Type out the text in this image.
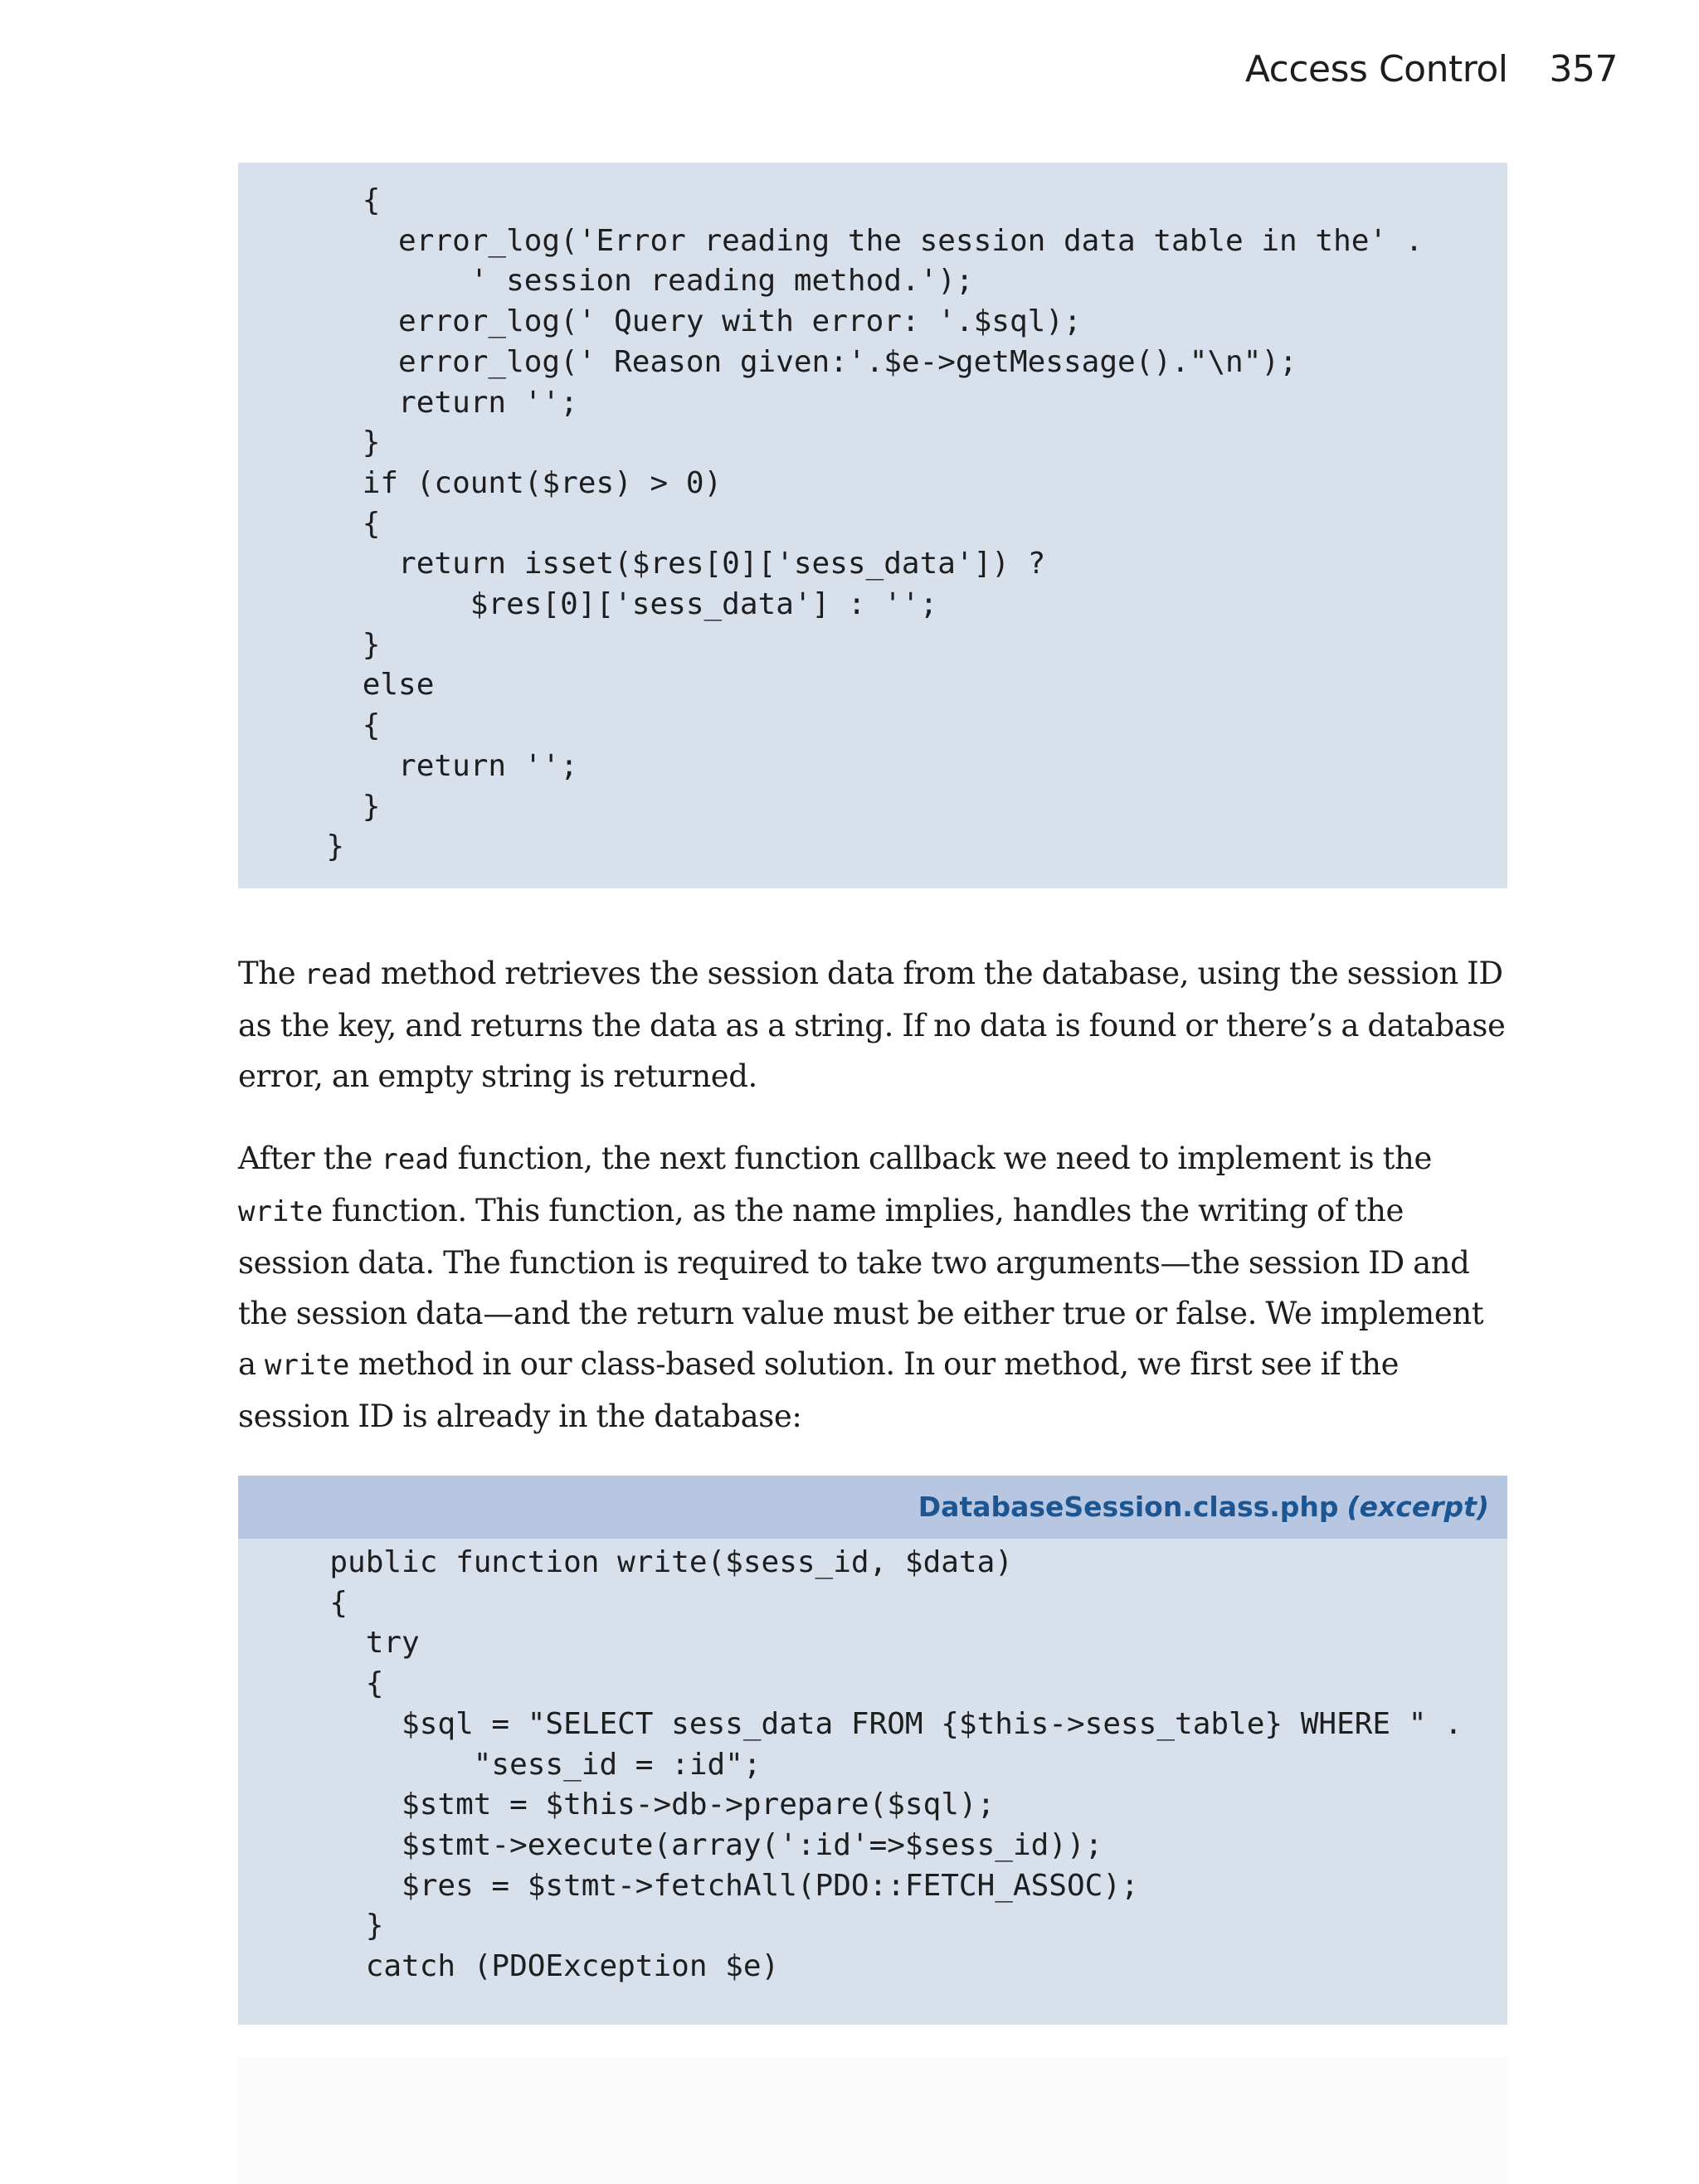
Access Control 357
{
error_log('Error reading the session data table in the' .
' session reading method.');
error_log(' Query with error: '.$sql);
error_log(' Reason given:'.$e->getMessage()."\n");
return '';
}
if (count($res) > 0)
{
return isset($res[0]['sess_data']) ?
$res[0]['sess_data'] : '';
}
else
{
return '';
}
}

The read method retrieves the session data from the database, using the session ID as the key, and returns the data as a string. If no data is found or there’s a database error, an empty string is returned.

After the read function, the next function callback we need to implement is the write function. This function, as the name implies, handles the writing of the session data. The function is required to take two arguments—the session ID and the session data—and the return value must be either true or false. We implement a write method in our class-based solution. In our method, we first see if the session ID is already in the database:

DatabaseSession.class.php (excerpt)
public function write($sess_id, $data)
{
try
{
$sql = "SELECT sess_data FROM {$this->sess_table} WHERE " .
"sess_id = :id";
$stmt = $this->db->prepare($sql);
$stmt->execute(array(':id'=>$sess_id));
$res = $stmt->fetchAll(PDO::FETCH_ASSOC);
}
catch (PDOException $e)
